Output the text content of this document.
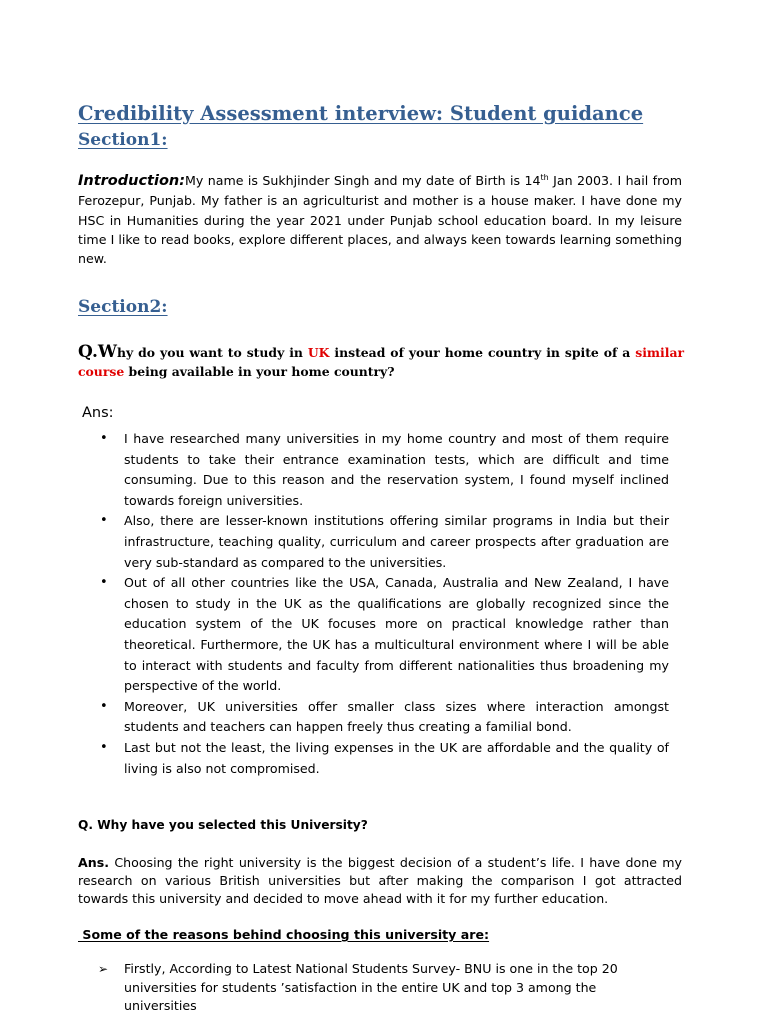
Credibility Assessment interview: Student guidance
Section1:

Introduction:My name is Sukhjinder Singh and my date of Birth is 14th Jan 2003. I hail from Ferozepur, Punjab. My father is an agriculturist and mother is a house maker. I have done my HSC in Humanities during the year 2021 under Punjab school education board. In my leisure time I like to read books, explore different places, and always keen towards learning something new.

Section2:

Q.Why do you want to study in UK instead of your home country in spite of a similar course being available in your home country?

Ans:

• I have researched many universities in my home country and most of them require students to take their entrance examination tests, which are difficult and time consuming. Due to this reason and the reservation system, I found myself inclined towards foreign universities.
• Also, there are lesser-known institutions offering similar programs in India but their infrastructure, teaching quality, curriculum and career prospects after graduation are very sub-standard as compared to the universities.
• Out of all other countries like the USA, Canada, Australia and New Zealand, I have chosen to study in the UK as the qualifications are globally recognized since the education system of the UK focuses more on practical knowledge rather than theoretical. Furthermore, the UK has a multicultural environment where I will be able to interact with students and faculty from different nationalities thus broadening my perspective of the world.
• Moreover, UK universities offer smaller class sizes where interaction amongst students and teachers can happen freely thus creating a familial bond.
• Last but not the least, the living expenses in the UK are affordable and the quality of living is also not compromised.

Q. Why have you selected this University?

Ans. Choosing the right university is the biggest decision of a student’s life. I have done my research on various British universities but after making the comparison I got attracted towards this university and decided to move ahead with it for my further education.

Some of the reasons behind choosing this university are:

➢ Firstly, According to Latest National Students Survey- BNU is one in the top 20 universities for students ’satisfaction in the entire UK and top 3 among the universities
